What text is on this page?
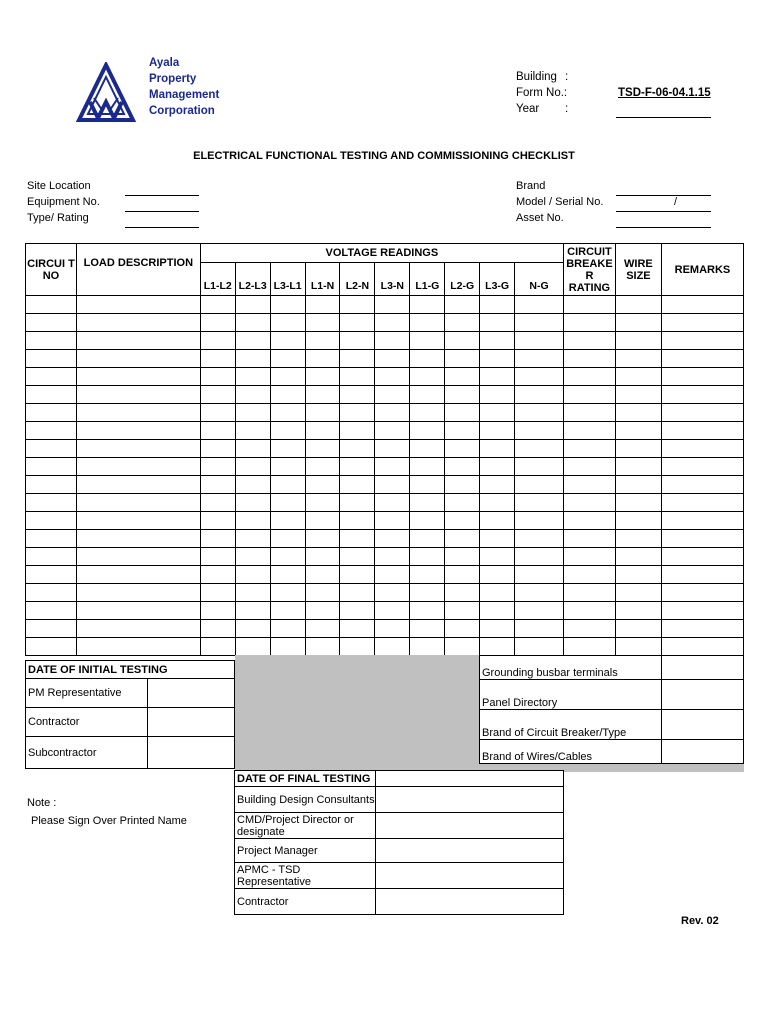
Ayala
Property
Management
Corporation
Building :
Form No.:	TSD-F-06-04.1.15
Year :
ELECTRICAL FUNCTIONAL TESTING AND COMMISSIONING CHECKLIST
Site Location
Equipment No.
Type/ Rating
Brand
Model / Serial No.
Asset No.
/
CIRCUI T NO	LOAD DESCRIPTION	VOLTAGE READINGS										CIRCUIT BREAKE R RATING	WIRE SIZE	REMARKS
		L1-L2	L2-L3	L3-L1	L1-N	L2-N	L3-N	L1-G	L2-G	L3-G	N-G			

DATE OF INITIAL TESTING	
PM Representative	
Contractor	
Subcontractor	
Grounding busbar terminals	
Panel Directory	
Brand of Circuit Breaker/Type	
Brand of Wires/Cables	
DATE OF FINAL TESTING	
Building Design Consultants	
CMD/Project Director or designate	
Project Manager	
APMC - TSD Representative	
Contractor	
Note :
Please Sign Over Printed Name
Rev. 02
